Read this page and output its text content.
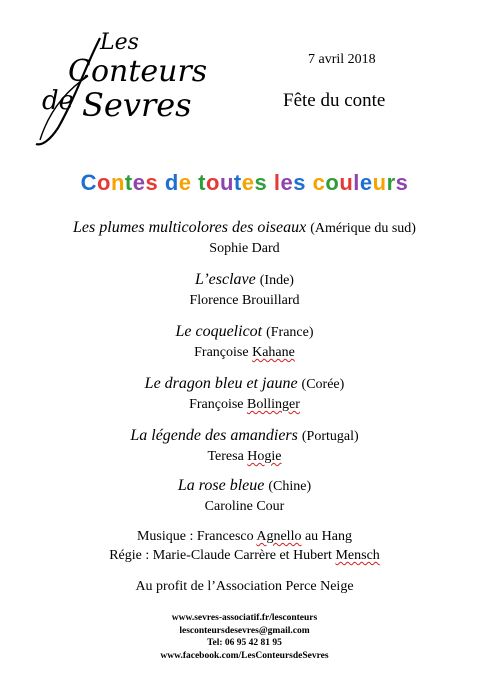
Les
Conteurs
de Sevres
7 avril 2018
Fête du conte
Contes de toutes les couleurs
Les plumes multicolores des oiseaux (Amérique du sud)
Sophie Dard
L’esclave (Inde)
Florence Brouillard
Le coquelicot (France)
Françoise Kahane
Le dragon bleu et jaune (Corée)
Françoise Bollinger
La légende des amandiers (Portugal)
Teresa Hogie
La rose bleue (Chine)
Caroline Cour
Musique : Francesco Agnello au Hang
Régie : Marie-Claude Carrère et Hubert Mensch
Au profit de l’Association Perce Neige
www.sevres-associatif.fr/lesconteurs
lesconteursdesevres@gmail.com
Tel: 06 95 42 81 95
www.facebook.com/LesConteursdeSevres
